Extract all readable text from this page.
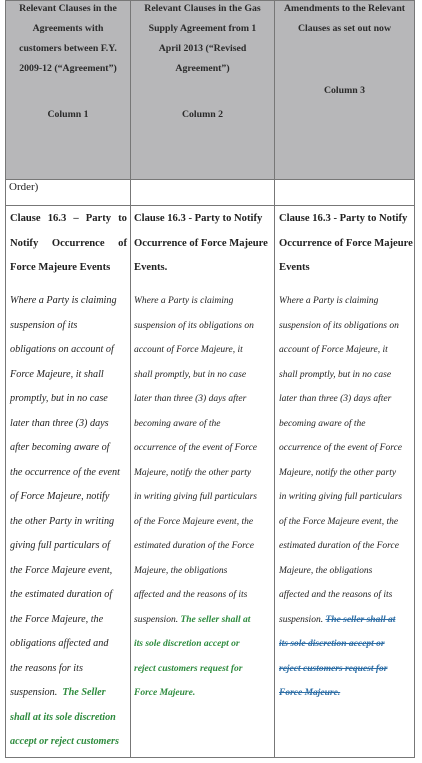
Relevant Clauses in the
Agreements with
customers between F.Y.
2009-12 (“Agreement”)
Column 1
Relevant Clauses in the Gas
Supply Agreement from 1
April 2013 (“Revised
Agreement”)
Column 2
Amendments to the Relevant
Clauses as set out now
Column 3
Order)
Clause 16.3 – Party to
Notify Occurrence of
Force Majeure Events
Where a Party is claiming
suspension of its
obligations on account of
Force Majeure, it shall
promptly, but in no case
later than three (3) days
after becoming aware of
the occurrence of the event
of Force Majeure, notify
the other Party in writing
giving full particulars of
the Force Majeure event,
the estimated duration of
the Force Majeure, the
obligations affected and
the reasons for its
suspension. The Seller
shall at its sole discretion
accept or reject customers
Clause 16.3 - Party to Notify
Occurrence of Force Majeure
Events.
Where a Party is claiming
suspension of its obligations on
account of Force Majeure, it
shall promptly, but in no case
later than three (3) days after
becoming aware of the
occurrence of the event of Force
Majeure, notify the other party
in writing giving full particulars
of the Force Majeure event, the
estimated duration of the Force
Majeure, the obligations
affected and the reasons of its
suspension. The seller shall at
its sole discretion accept or
reject customers request for
Force Majeure.
Clause 16.3 - Party to Notify
Occurrence of Force Majeure
Events
Where a Party is claiming
suspension of its obligations on
account of Force Majeure, it
shall promptly, but in no case
later than three (3) days after
becoming aware of the
occurrence of the event of Force
Majeure, notify the other party
in writing giving full particulars
of the Force Majeure event, the
estimated duration of the Force
Majeure, the obligations
affected and the reasons of its
suspension. The seller shall at
its sole discretion accept or
reject customers request for
Force Majeure.
